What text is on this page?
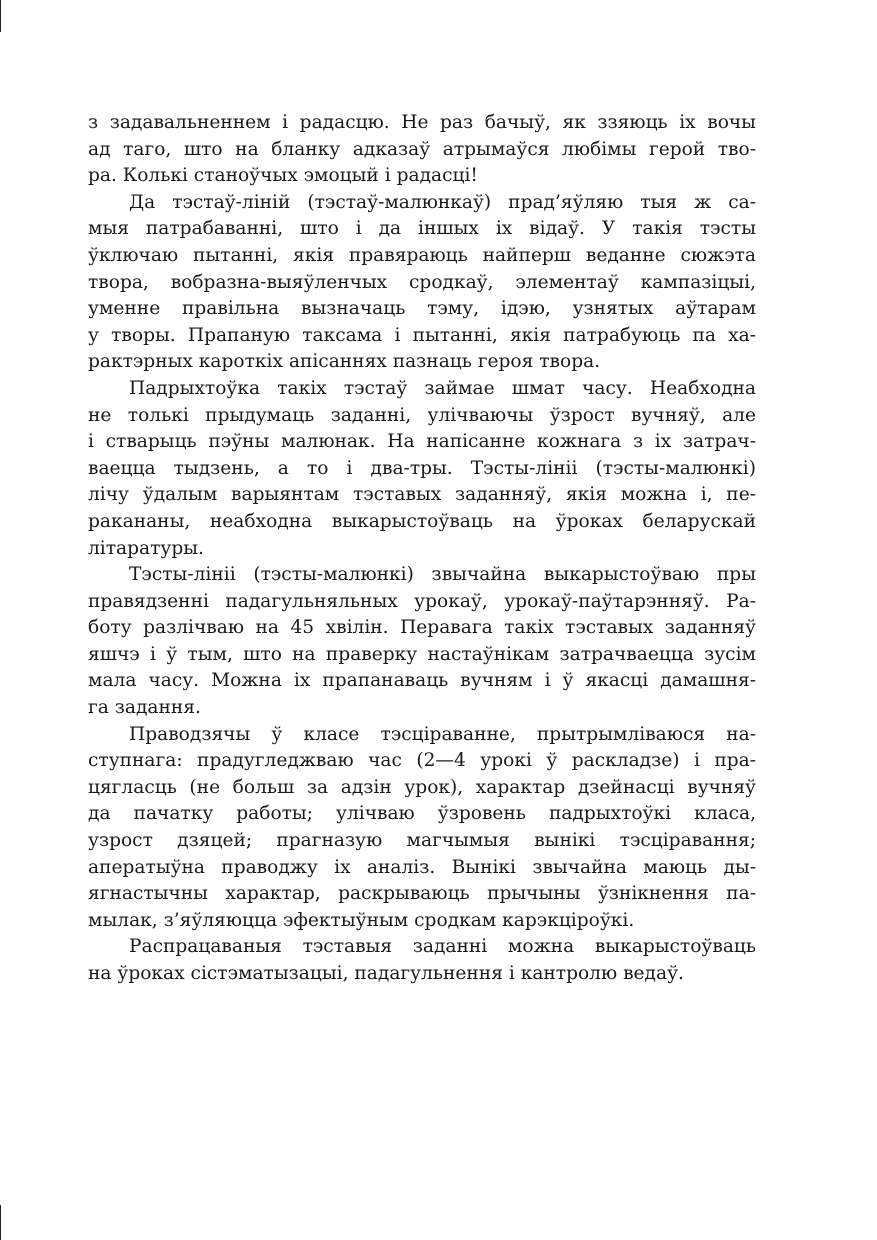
з задавальненнем і радасцю. Не раз бачыў, як ззяюць іх вочы
ад таго, што на бланку адказаў атрымаўся любімы герой тво-
ра. Колькі станоўчых эмоцый і радасці!
Да тэстаў-ліній (тэстаў-малюнкаў) прад’яўляю тыя ж са-
мыя патрабаванні, што і да іншых іх відаў. У такія тэсты
ўключаю пытанні, якія правяраюць найперш веданне сюжэта
твора, вобразна-выяўленчых сродкаў, элементаў кампазіцыі,
уменне правільна вызначаць тэму, ідэю, узнятых аўтарам
у творы. Прапаную таксама і пытанні, якія патрабуюць па ха-
рактэрных кароткіх апісаннях пазнаць героя твора.
Падрыхтоўка такіх тэстаў займае шмат часу. Неабходна
не толькі прыдумаць заданні, улічваючы ўзрост вучняў, але
і стварыць пэўны малюнак. На напісанне кожнага з іх затрач-
ваецца тыдзень, а то і два-тры. Тэсты-лініі (тэсты-малюнкі)
лічу ўдалым варыянтам тэставых заданняў, якія можна і, пе-
ракананы, неабходна выкарыстоўваць на ўроках беларускай
літаратуры.
Тэсты-лініі (тэсты-малюнкі) звычайна выкарыстоўваю пры
правядзенні падагульняльных урокаў, урокаў-паўтарэнняў. Ра-
боту разлічваю на 45 хвілін. Перавага такіх тэставых заданняў
яшчэ і ў тым, што на праверку настаўнікам затрачваецца зусім
мала часу. Можна іх прапанаваць вучням і ў якасці дамашня-
га задання.
Праводзячы ў класе тэсціраванне, прытрымліваюся на-
ступнага: прадугледжваю час (2—4 урокі ў раскладзе) і пра-
цягласць (не больш за адзін урок), характар дзейнасці вучняў
да пачатку работы; улічваю ўзровень падрыхтоўкі класа,
узрост дзяцей; прагназую магчымыя вынікі тэсціравання;
аператыўна праводжу іх аналіз. Вынікі звычайна маюць ды-
ягнастычны характар, раскрываюць прычыны ўзнікнення па-
мылак, з’яўляюцца эфектыўным сродкам карэкціроўкі.
Распрацаваныя тэставыя заданні можна выкарыстоўваць
на ўроках сістэматызацыі, падагульнення і кантролю ведаў.
